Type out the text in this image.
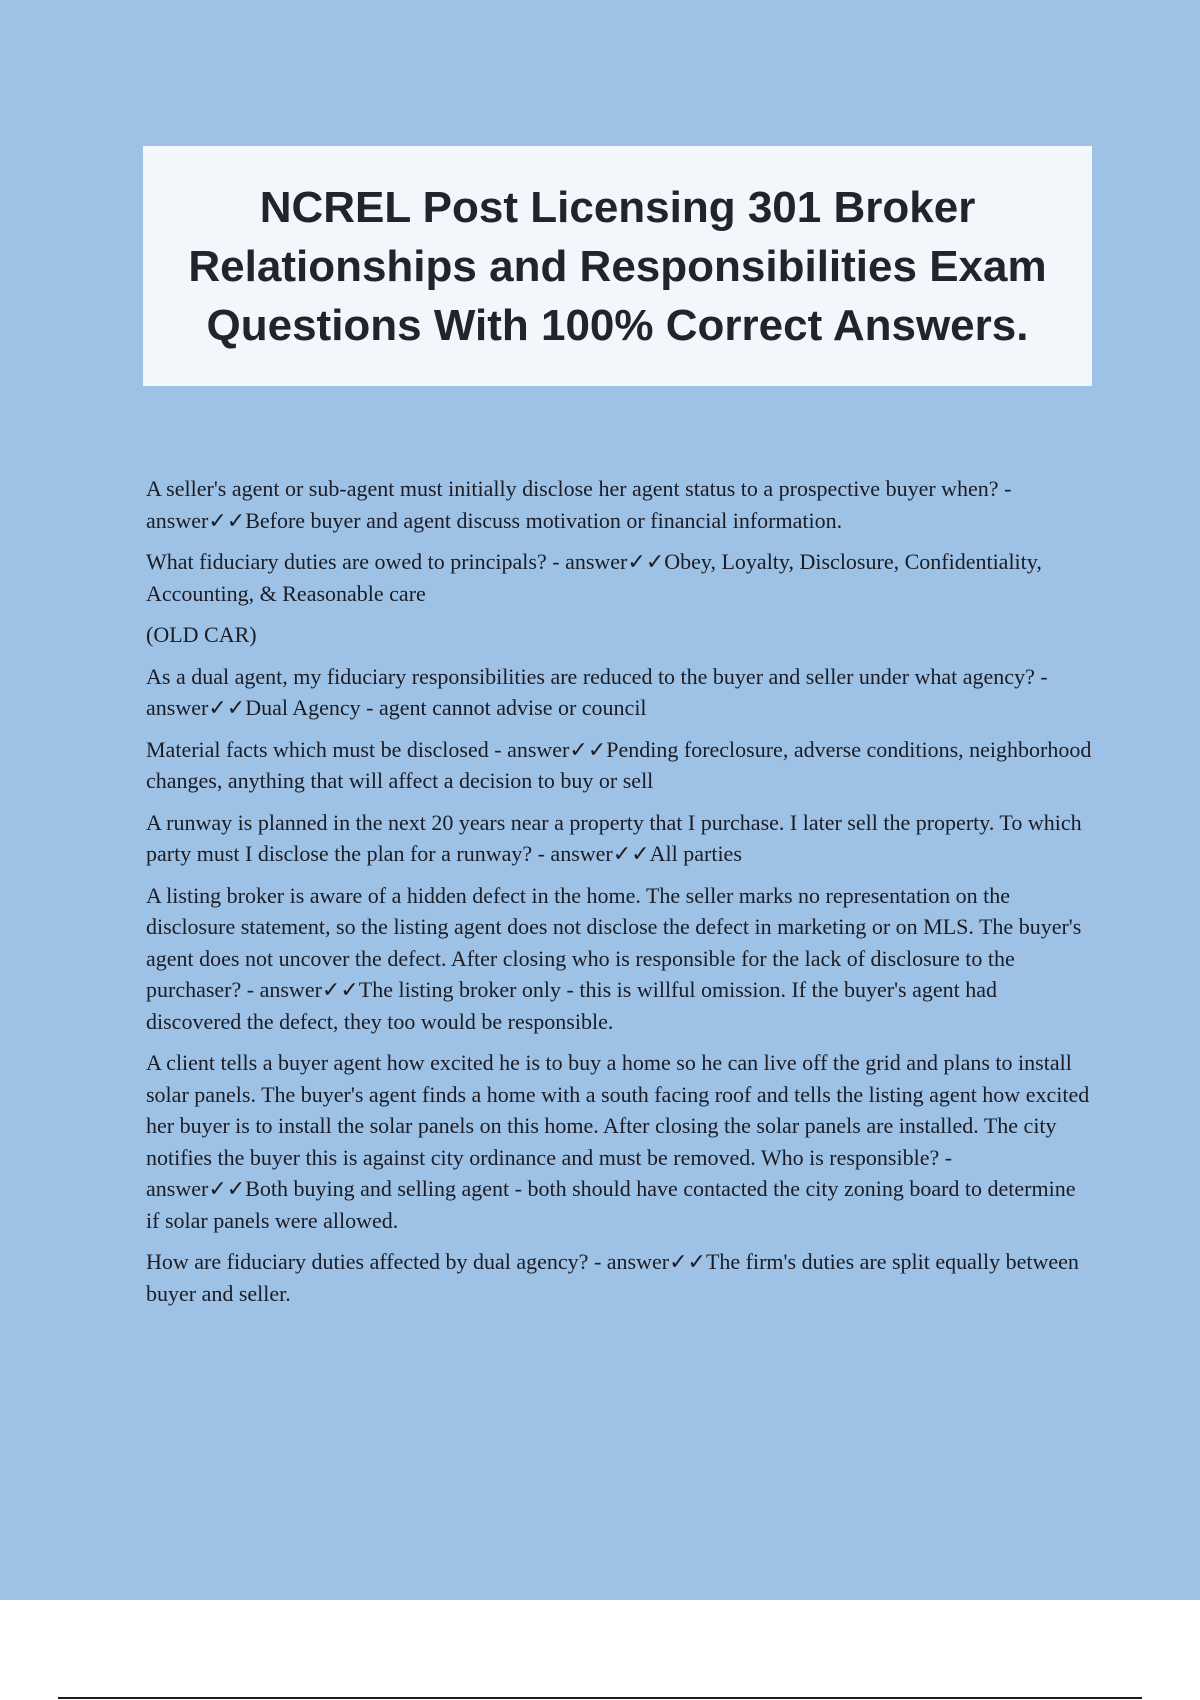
NCREL Post Licensing 301 Broker Relationships and Responsibilities Exam Questions With 100% Correct Answers.

A seller's agent or sub-agent must initially disclose her agent status to a prospective buyer when? - answer✓✓Before buyer and agent discuss motivation or financial information.

What fiduciary duties are owed to principals? - answer✓✓Obey, Loyalty, Disclosure, Confidentiality, Accounting, & Reasonable care

(OLD CAR)

As a dual agent, my fiduciary responsibilities are reduced to the buyer and seller under what agency? - answer✓✓Dual Agency - agent cannot advise or council

Material facts which must be disclosed - answer✓✓Pending foreclosure, adverse conditions, neighborhood changes, anything that will affect a decision to buy or sell

A runway is planned in the next 20 years near a property that I purchase. I later sell the property. To which party must I disclose the plan for a runway? - answer✓✓All parties

A listing broker is aware of a hidden defect in the home. The seller marks no representation on the disclosure statement, so the listing agent does not disclose the defect in marketing or on MLS. The buyer's agent does not uncover the defect. After closing who is responsible for the lack of disclosure to the purchaser? - answer✓✓The listing broker only - this is willful omission. If the buyer's agent had discovered the defect, they too would be responsible.

A client tells a buyer agent how excited he is to buy a home so he can live off the grid and plans to install solar panels. The buyer's agent finds a home with a south facing roof and tells the listing agent how excited her buyer is to install the solar panels on this home. After closing the solar panels are installed. The city notifies the buyer this is against city ordinance and must be removed. Who is responsible? - answer✓✓Both buying and selling agent - both should have contacted the city zoning board to determine if solar panels were allowed.

How are fiduciary duties affected by dual agency? - answer✓✓The firm's duties are split equally between buyer and seller.
